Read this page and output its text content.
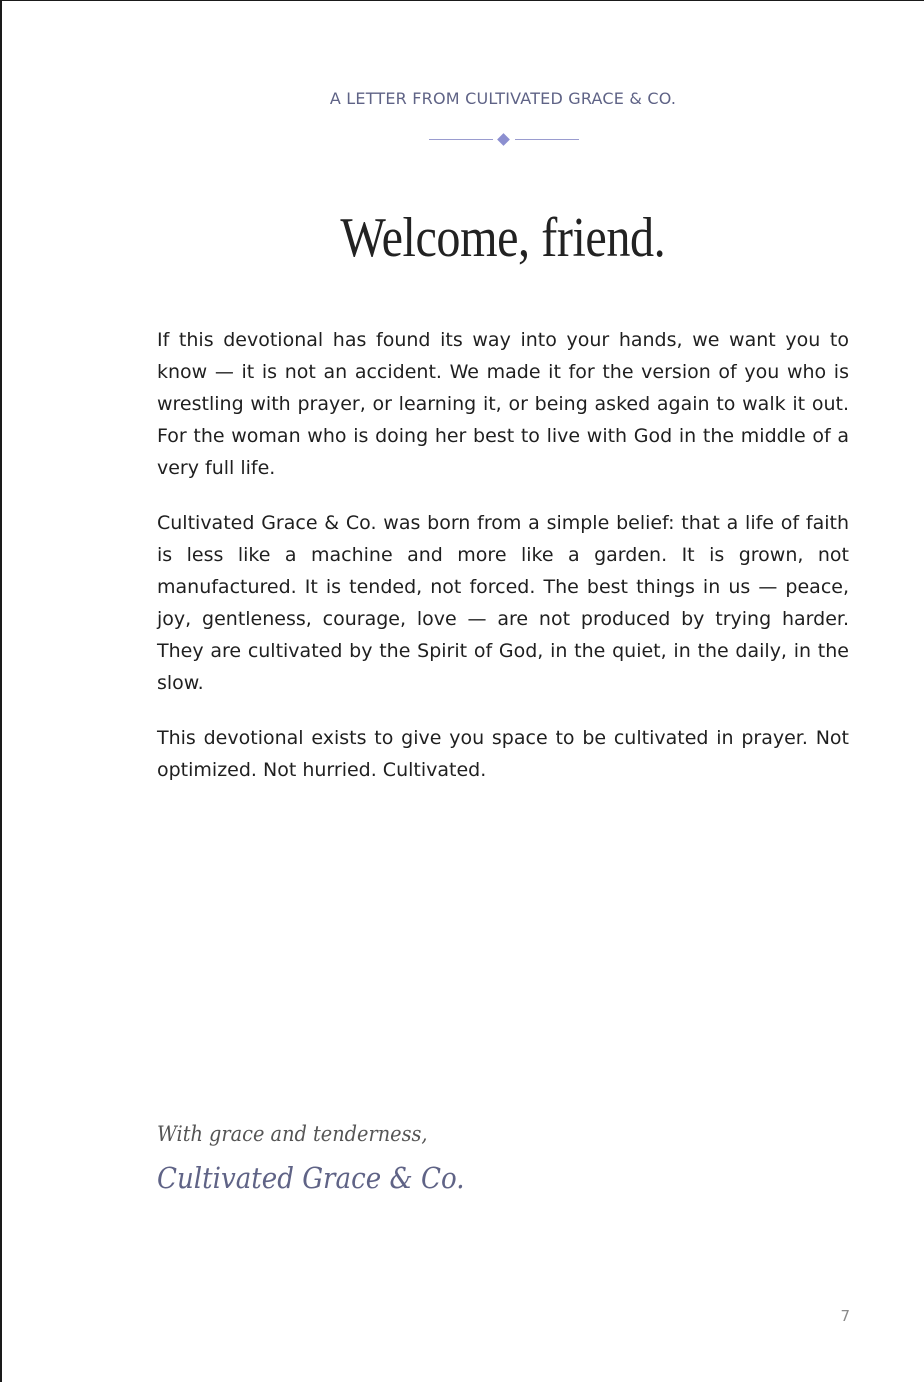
A LETTER FROM CULTIVATED GRACE & CO.
Welcome, friend.

If this devotional has found its way into your hands, we want you to know — it is not an accident. We made it for the version of you who is wrestling with prayer, or learning it, or being asked again to walk it out. For the woman who is doing her best to live with God in the middle of a very full life.

Cultivated Grace & Co. was born from a simple belief: that a life of faith is less like a machine and more like a garden. It is grown, not manufactured. It is tended, not forced. The best things in us — peace, joy, gentleness, courage, love — are not produced by trying harder. They are cultivated by the Spirit of God, in the quiet, in the daily, in the slow.

This devotional exists to give you space to be cultivated in prayer. Not optimized. Not hurried. Cultivated.

With grace and tenderness,
Cultivated Grace & Co.
7
